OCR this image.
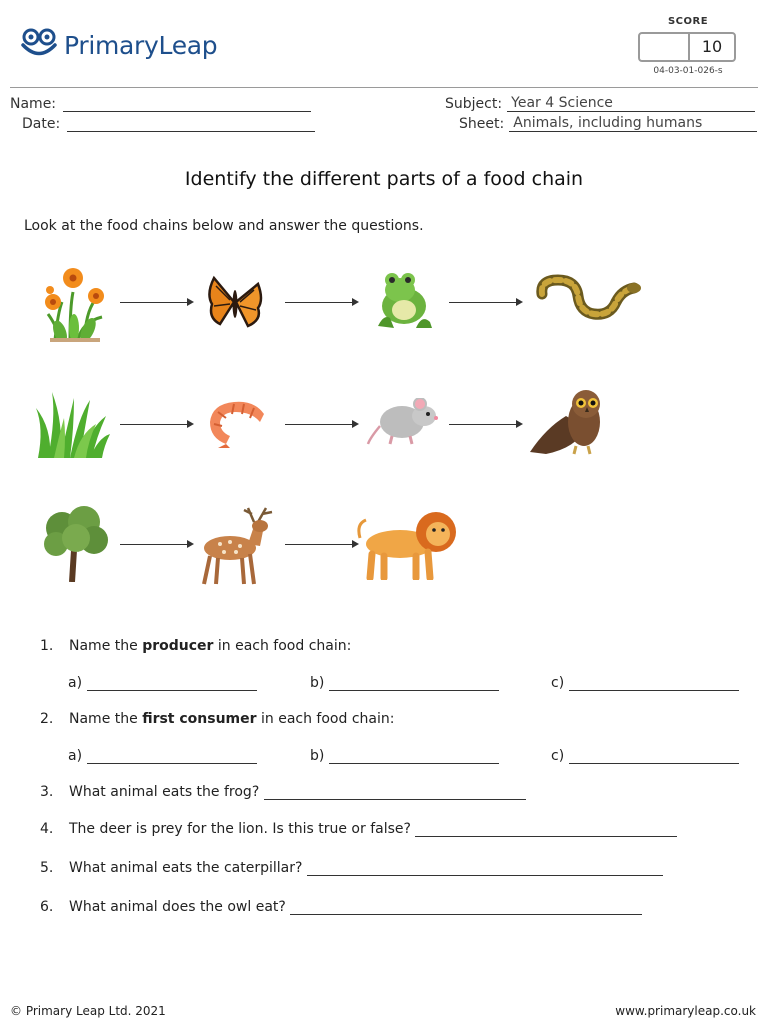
PrimaryLeap
SCORE
10
04-03-01-026-s
Name:
Date:
Subject: Year 4 Science
Sheet: Animals, including humans
Identify the different parts of a food chain
Look at the food chains below and answer the questions.
1. Name the producer in each food chain:
a)	b)	c)
2. Name the first consumer in each food chain:
a)	b)	c)
3. What animal eats the frog?
4. The deer is prey for the lion. Is this true or false?
5. What animal eats the caterpillar?
6. What animal does the owl eat?
© Primary Leap Ltd. 2021	www.primaryleap.co.uk
